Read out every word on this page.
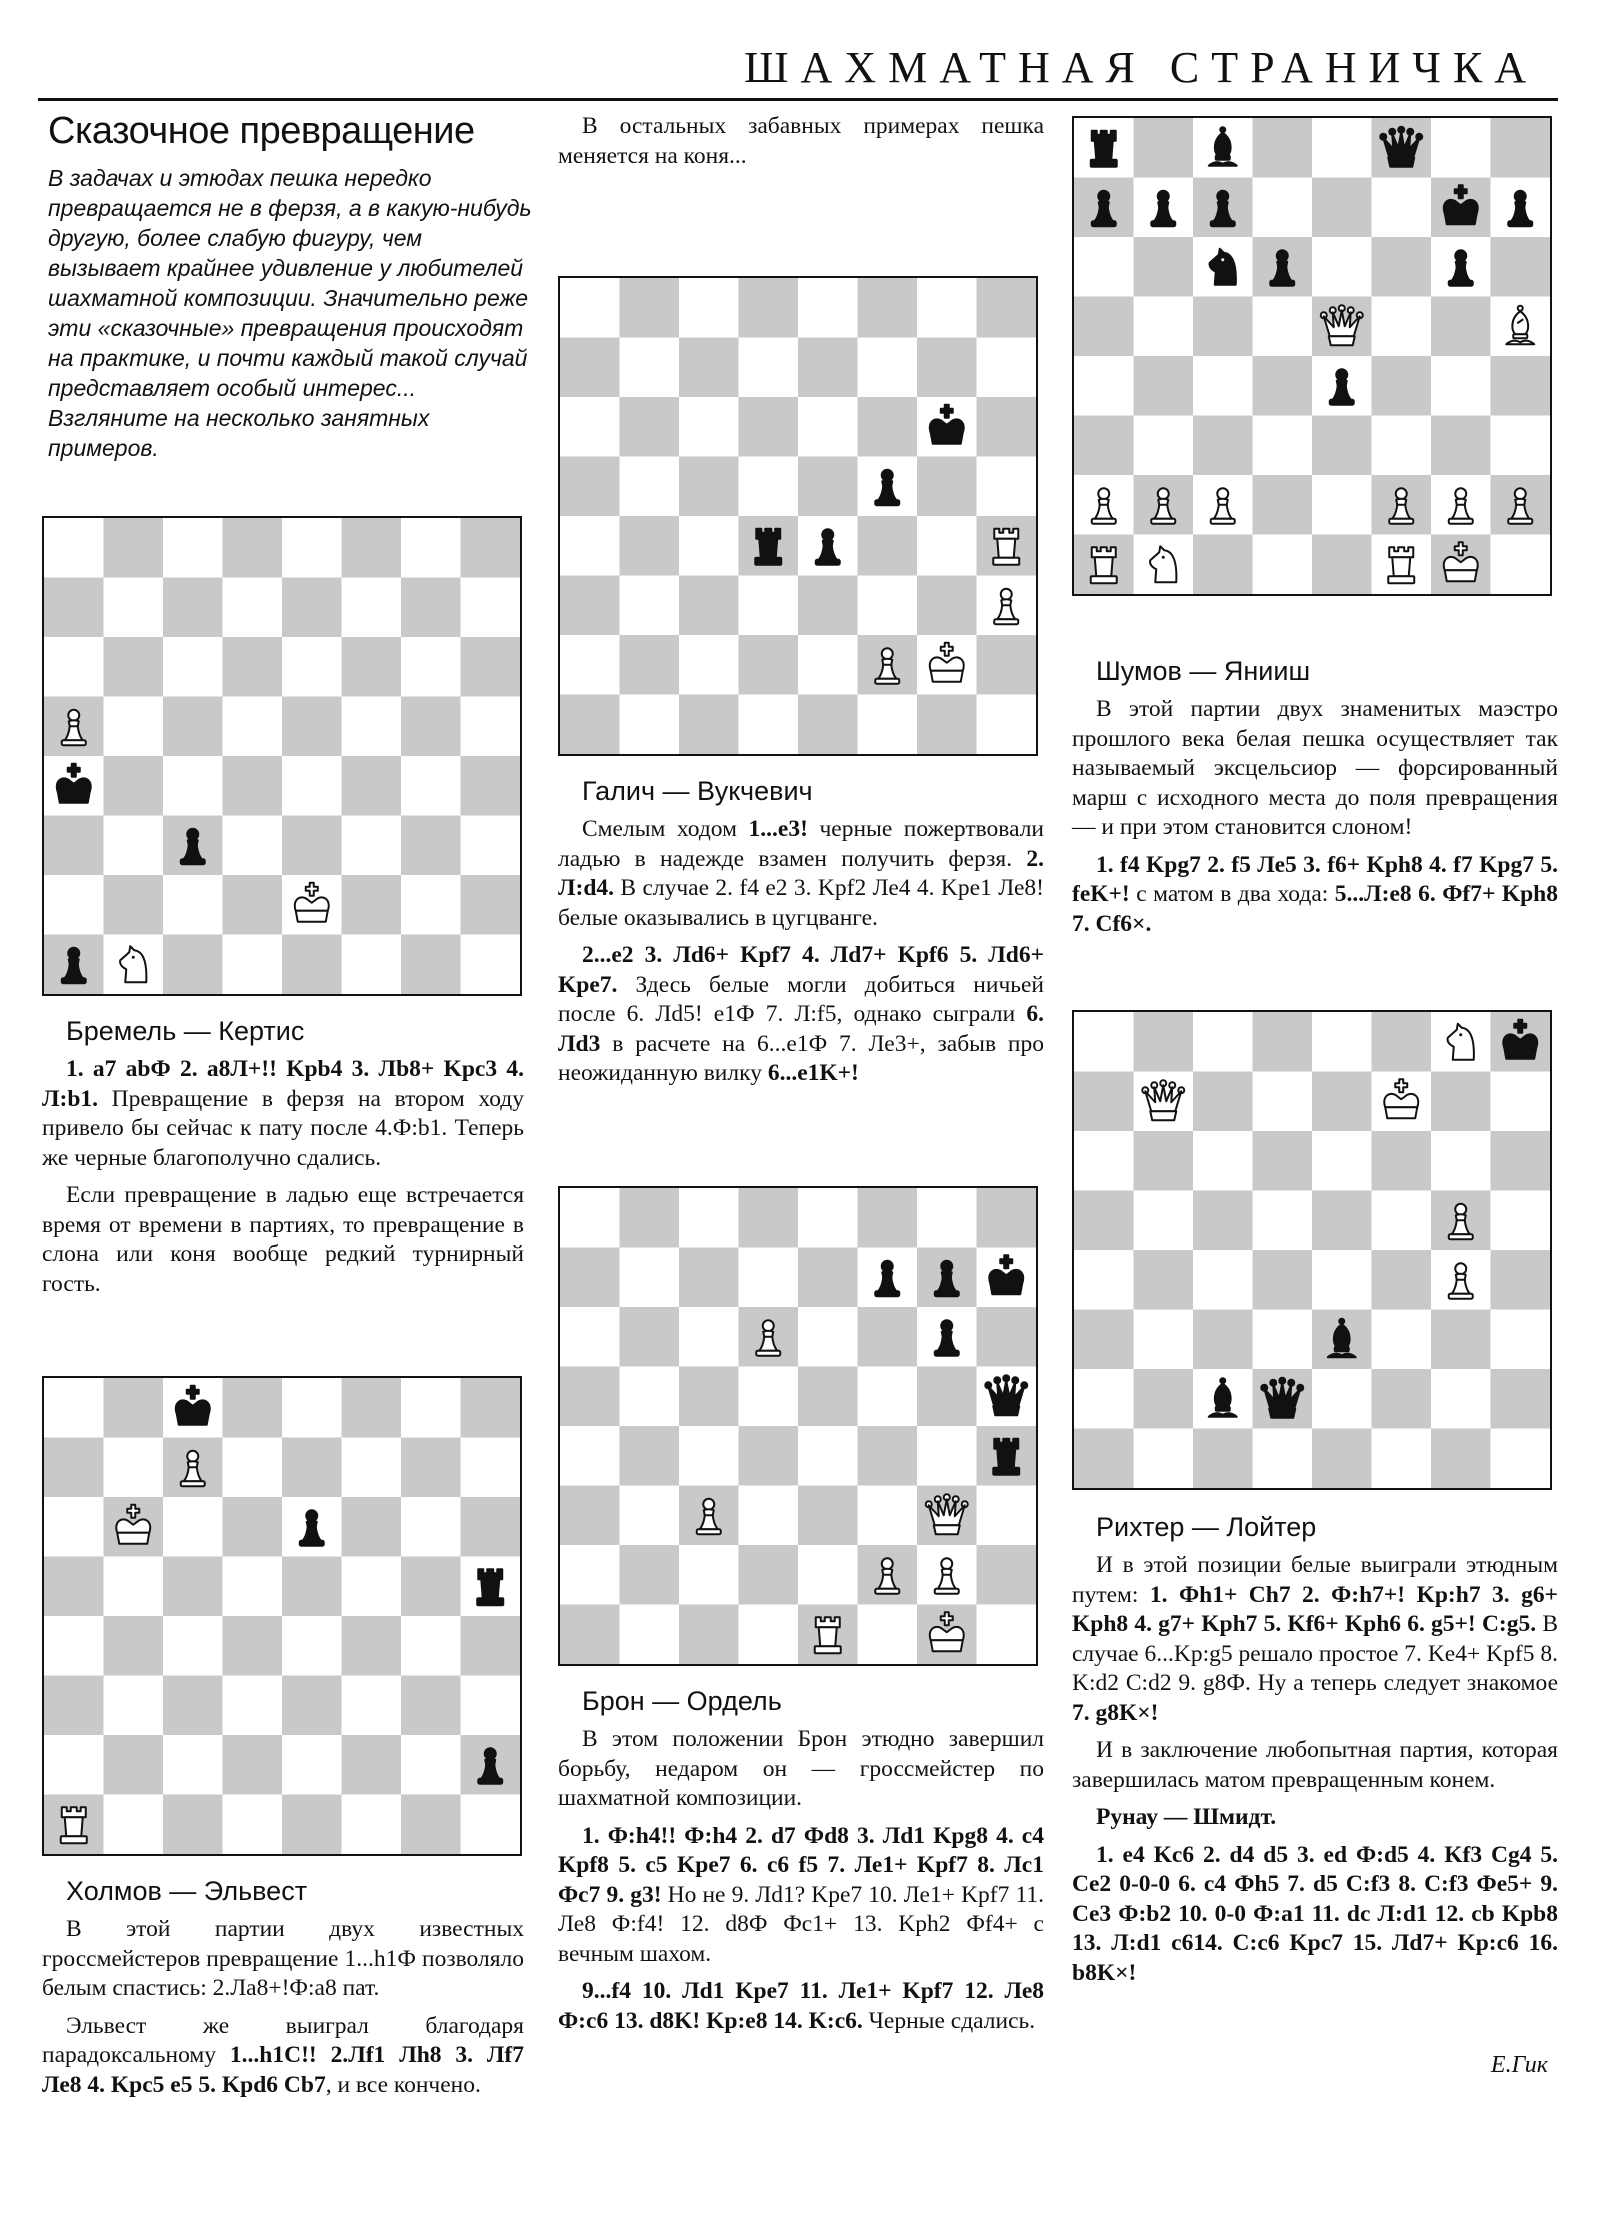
ШАХМАТНАЯ СТРАНИЧКА
Сказочное превращение

В задачах и этюдах пешка нередко превращается не в ферзя, а в какую-нибудь другую, более слабую фигуру, чем вызывает крайнее удивление у любителей шахматной композиции. Значительно реже эти «сказочные» превращения происходят на практике, и почти каждый такой случай представляет особый интерес... Взгляните на несколько занятных примеров.

Бремель — Кертис

1. a7 abФ 2. a8Л+!! Kpb4 3. Лb8+ Kpc3 4. Л:b1. Превращение в ферзя на втором ходу привело бы сейчас к пату после 4.Ф:b1. Теперь же черные благополучно сдались.

Если превращение в ладью еще встречается время от времени в партиях, то превращение в слона или коня вообще редкий турнирный гость.

Холмов — Эльвест

В этой партии двух известных гроссмейстеров превращение 1...h1Ф позволяло белым спастись: 2.Ла8+!Ф:а8 пат.

Эльвест же выиграл благодаря парадоксальному 1...h1C!! 2.Лf1 Лh8 3. Лf7 Ле8 4. Kpc5 e5 5. Kpd6 Cb7, и все кончено.

В остальных забавных примерах пешка меняется на коня...

Галич — Вукчевич

Смелым ходом 1...e3! черные пожертвовали ладью в надежде взамен получить ферзя. 2. Л:d4. В случае 2. f4 e2 3. Kpf2 Ле4 4. Kpe1 Ле8! белые оказывались в цугцванге.

2...e2 3. Лd6+ Kpf7 4. Лd7+ Kpf6 5. Лd6+ Kpe7. Здесь белые могли добиться ничьей после 6. Лd5! e1Ф 7. Л:f5, однако сыграли 6. Лd3 в расчете на 6...e1Ф 7. Ле3+, забыв про неожиданную вилку 6...e1K+!

Брон — Ордель

В этом положении Брон этюдно завершил борьбу, недаром он — гроссмейстер по шахматной композиции.

1. Ф:h4!! Ф:h4 2. d7 Фd8 3. Лd1 Kpg8 4. c4 Kpf8 5. c5 Kpe7 6. c6 f5 7. Ле1+ Kpf7 8. Лс1 Фс7 9. g3! Но не 9. Лd1? Kpe7 10. Ле1+ Kpf7 11. Ле8 Ф:f4! 12. d8Ф Фс1+ 13. Kph2 Фf4+ с вечным шахом.

9...f4 10. Лd1 Kpe7 11. Ле1+ Kpf7 12. Ле8 Ф:c6 13. d8K! Kp:e8 14. K:c6. Черные сдались.

Шумов — Янииш

В этой партии двух знаменитых маэстро прошлого века белая пешка осуществляет так называемый эксцельсиор — форсированный марш с исходного места до поля превращения — и при этом становится слоном!

1. f4 Kpg7 2. f5 Ле5 3. f6+ Kph8 4. f7 Kpg7 5. feK+! с матом в два хода: 5...Л:e8 6. Фf7+ Kph8 7. Cf6×.

Рихтер — Лойтер

И в этой позиции белые выиграли этюдным путем: 1. Фh1+ Ch7 2. Ф:h7+! Kp:h7 3. g6+ Kph8 4. g7+ Kph7 5. Kf6+ Kph6 6. g5+! C:g5. В случае 6...Kp:g5 решало простое 7. Ke4+ Kpf5 8. K:d2 C:d2 9. g8Ф. Ну а теперь следует знакомое 7. g8K×!

И в заключение любопытная партия, которая завершилась матом превращенным конем.

Рунау — Шмидт.

1. e4 Kc6 2. d4 d5 3. ed Ф:d5 4. Kf3 Cg4 5. Ce2 0-0-0 6. c4 Фh5 7. d5 C:f3 8. C:f3 Фe5+ 9. Ce3 Ф:b2 10. 0-0 Ф:a1 11. dc Л:d1 12. cb Kpb8 13. Л:d1 c614. C:c6 Kpc7 15. Лd7+ Kp:c6 16. b8K×!

Е.Гик
